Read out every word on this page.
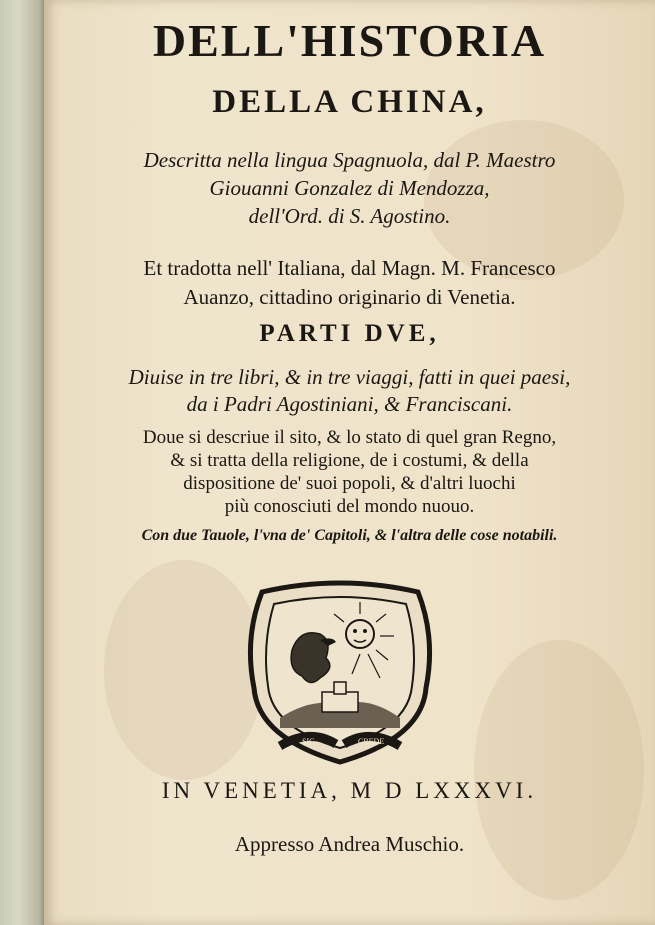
DELL'HISTORIA
DELLA CHINA,
Descritta nella lingua Spagnuola, dal P. Maestro
Giouanni Gonzalez di Mendozza,
dell'Ord. di S. Agostino.
Et tradotta nell' Italiana, dal Magn. M. Francesco
Auanzo, cittadino originario di Venetia.
PARTI DVE,
Diuise in tre libri, & in tre viaggi, fatti in quei paesi,
da i Padri Agostiniani, & Franciscani.
Doue si descriue il sito, & lo stato di quel gran Regno,
& si tratta della religione, de i costumi, & della
dispositione de' suoi popoli, & d'altri luochi
più conosciuti del mondo nuouo.
Con due Tauole, l'vna de' Capitoli, & l'altra delle cose notabili.
SIC	CREDE
IN VENETIA, M D LXXXVI.
Appresso Andrea Muschio.
